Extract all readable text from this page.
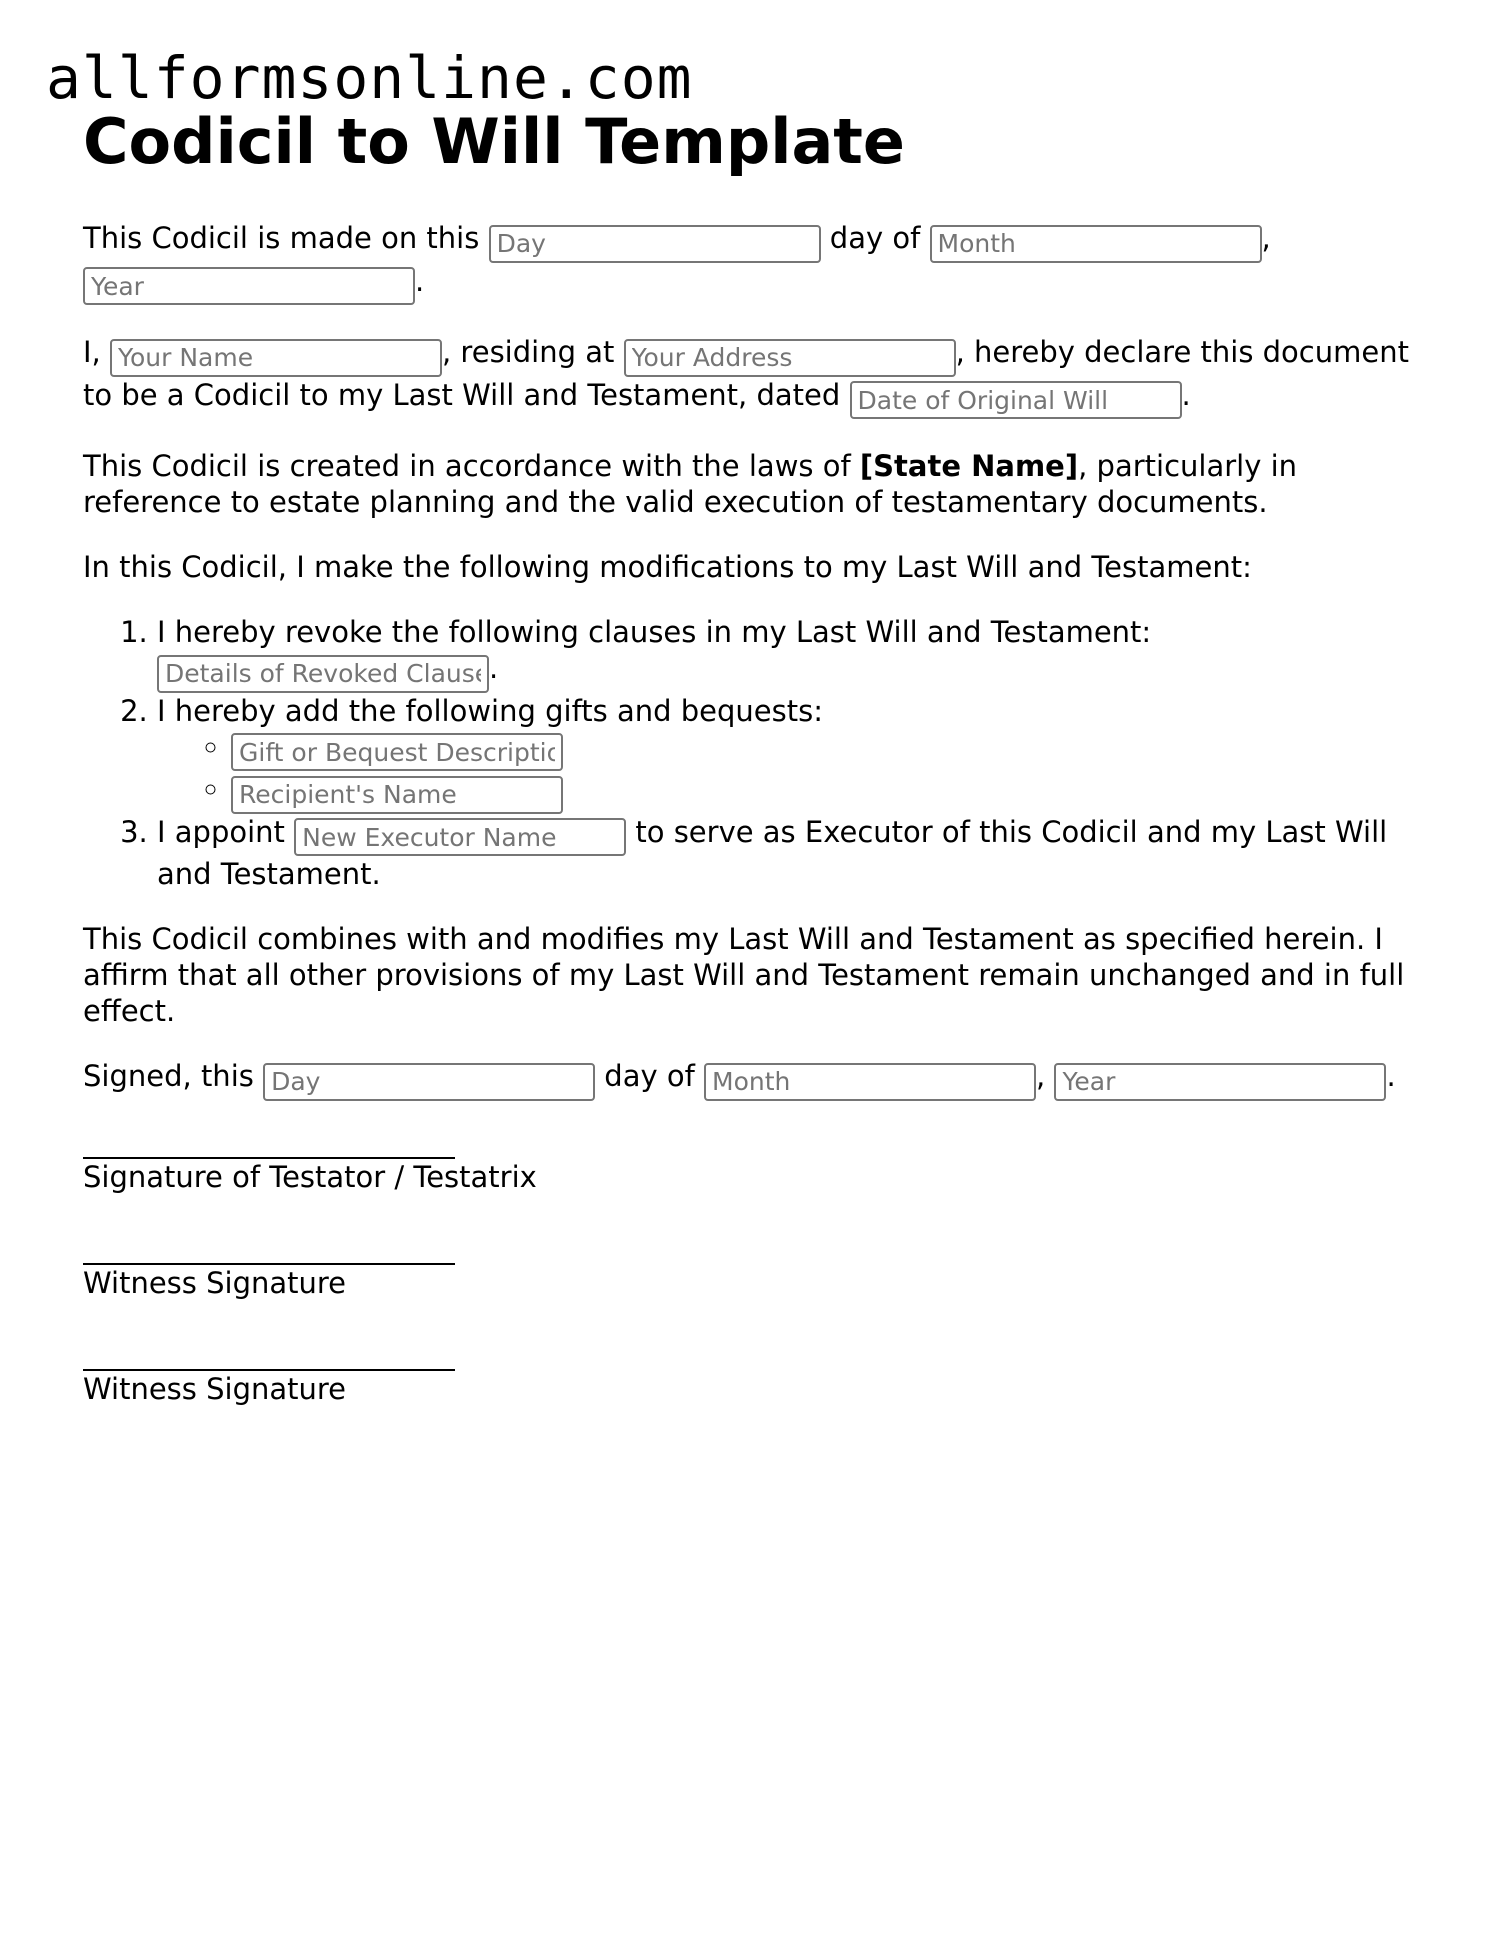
allformsonline.com
Codicil to Will Template

This Codicil is made on this Day	day of Month	, Year.

I, Your Name	, residing at Your Address	, hereby declare this document to be a Codicil to my Last Will and Testament, dated Date of Original Will	.

This Codicil is created in accordance with the laws of [State Name], particularly in reference to estate planning and the valid execution of testamentary documents.

In this Codicil, I make the following modifications to my Last Will and Testament:

1. I hereby revoke the following clauses in my Last Will and Testament:
Details of Revoked Clause.
2. I hereby add the following gifts and bequests:
◦ Gift or Bequest Description
◦ Recipient's Name
3. I appoint New Executor Name	to serve as Executor of this Codicil and my Last Will and Testament.

This Codicil combines with and modifies my Last Will and Testament as specified herein. I affirm that all other provisions of my Last Will and Testament remain unchanged and in full effect.

Signed, this Day	day of Month	, Year	.

Signature of Testator / Testatrix
Witness Signature
Witness Signature
